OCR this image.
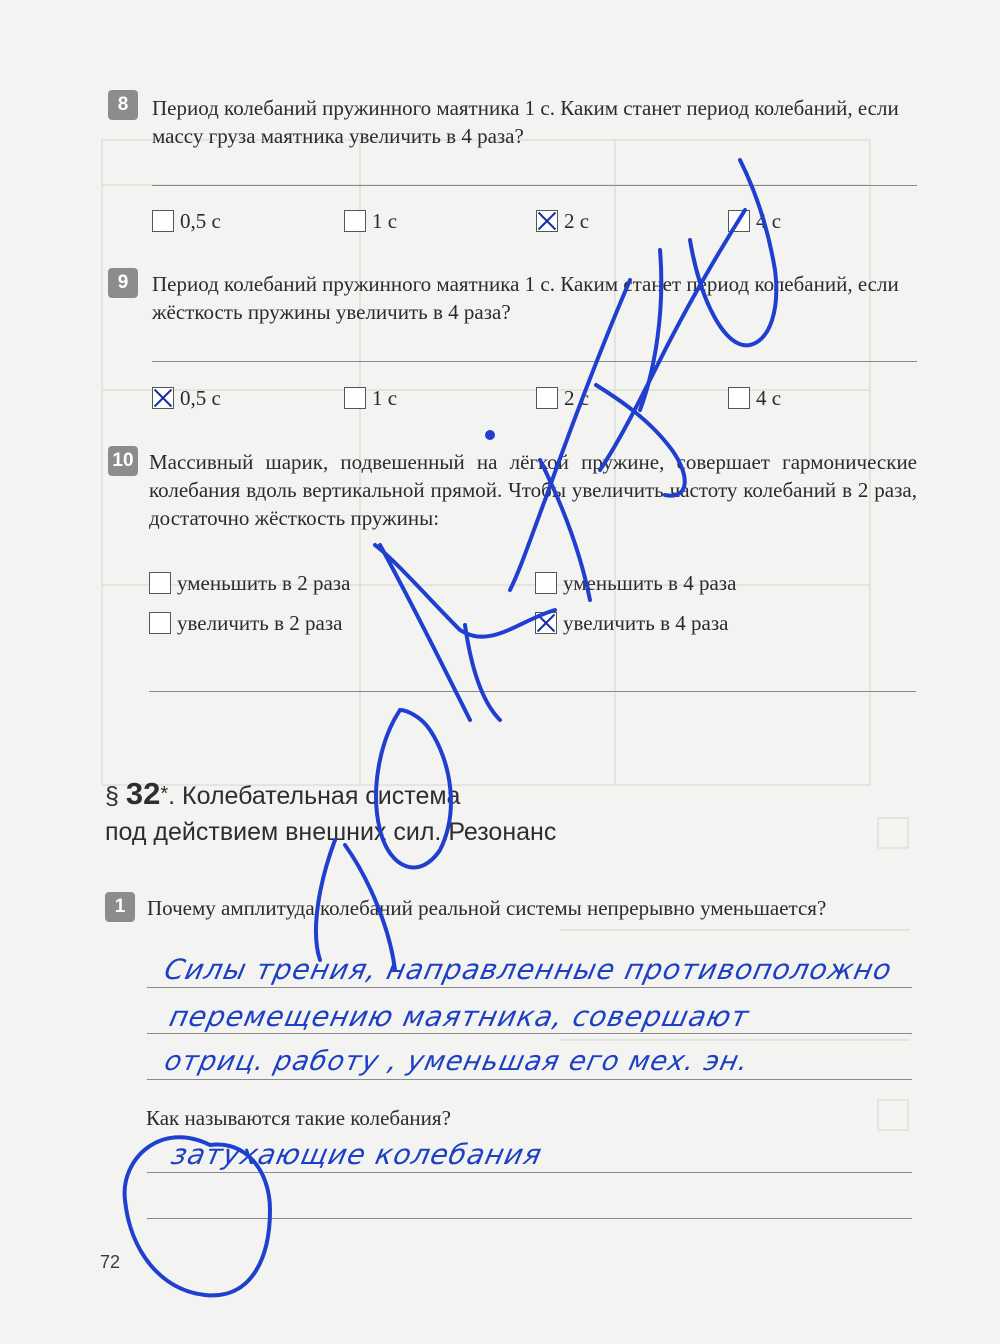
8	Период колебаний пружинного маятника 1 с. Каким станет период колебаний, если массу груза маятника увеличить в 4 раза?
0,5 с	1 с	2 с	4 с
9	Период колебаний пружинного маятника 1 с. Каким станет период колебаний, если жёсткость пружины увеличить в 4 раза?
0,5 с	1 с	2 с	4 с
10 Массивный шарик, подвешенный на лёгкой пружине, совершает гармонические колебания вдоль вертикальной прямой. Чтобы увеличить частоту колебаний в 2 раза, достаточно жёсткость пружины:
уменьшить в 2 раза	уменьшить в 4 раза
увеличить в 2 раза	увеличить в 4 раза
§ 32*. Колебательная система
под действием внешних сил. Резонанс
1	Почему амплитуда колебаний реальной системы непрерывно уменьшается?
Силы трения, направленные противоположно
перемещению маятника, совершают
отриц. работу , уменьшая его мех. эн.
Как называются такие колебания?
затухающие колебания
72
